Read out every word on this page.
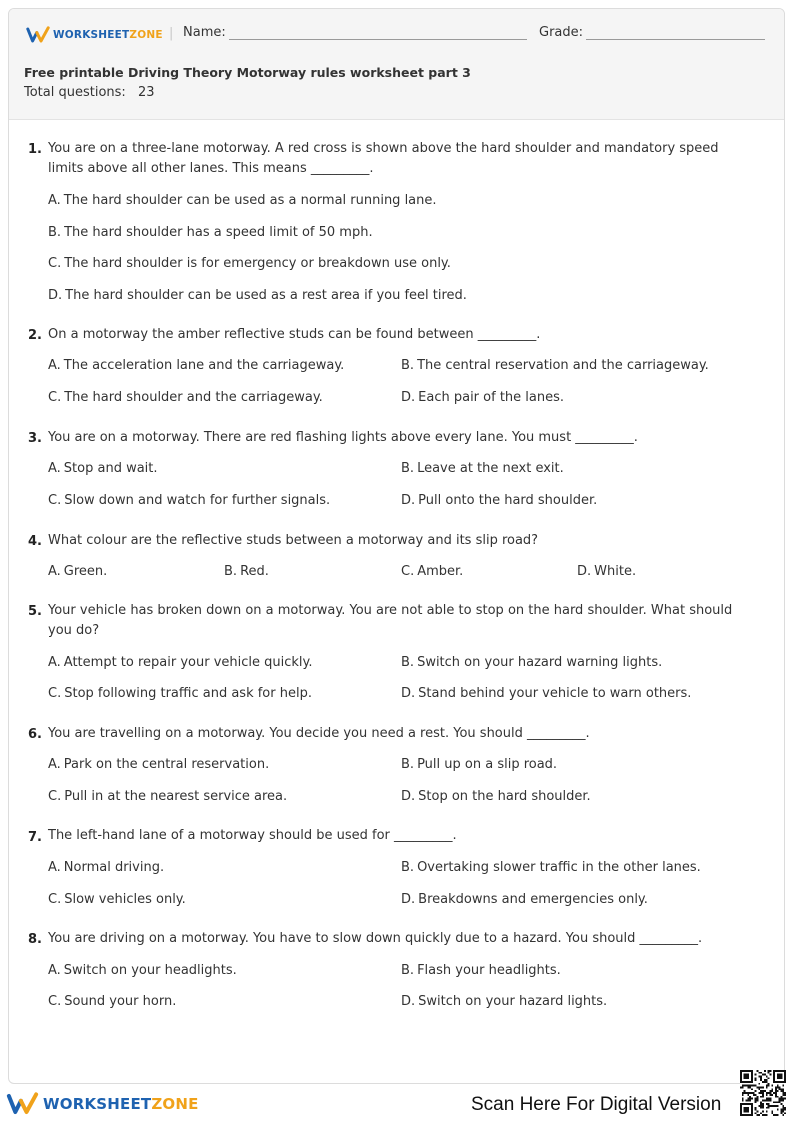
WORKSHEETZONE | Name:	Grade:
Free printable Driving Theory Motorway rules worksheet part 3
Total questions: 23
1. You are on a three-lane motorway. A red cross is shown above the hard shoulder and mandatory speed limits above all other lanes. This means _________.
A. The hard shoulder can be used as a normal running lane.
B. The hard shoulder has a speed limit of 50 mph.
C. The hard shoulder is for emergency or breakdown use only.
D. The hard shoulder can be used as a rest area if you feel tired.
2. On a motorway the amber reflective studs can be found between _________.
A. The acceleration lane and the carriageway.	B. The central reservation and the carriageway.
C. The hard shoulder and the carriageway.	D. Each pair of the lanes.
3. You are on a motorway. There are red flashing lights above every lane. You must _________.
A. Stop and wait.	B. Leave at the next exit.
C. Slow down and watch for further signals.	D. Pull onto the hard shoulder.
4. What colour are the reflective studs between a motorway and its slip road?
A. Green.	B. Red.	C. Amber.	D. White.
5. Your vehicle has broken down on a motorway. You are not able to stop on the hard shoulder. What should you do?
A. Attempt to repair your vehicle quickly.	B. Switch on your hazard warning lights.
C. Stop following traffic and ask for help.	D. Stand behind your vehicle to warn others.
6. You are travelling on a motorway. You decide you need a rest. You should _________.
A. Park on the central reservation.	B. Pull up on a slip road.
C. Pull in at the nearest service area.	D. Stop on the hard shoulder.
7. The left-hand lane of a motorway should be used for _________.
A. Normal driving.	B. Overtaking slower traffic in the other lanes.
C. Slow vehicles only.	D. Breakdowns and emergencies only.
8. You are driving on a motorway. You have to slow down quickly due to a hazard. You should _________.
A. Switch on your headlights.	B. Flash your headlights.
C. Sound your horn.	D. Switch on your hazard lights.
WORKSHEETZONE	Scan Here For Digital Version
